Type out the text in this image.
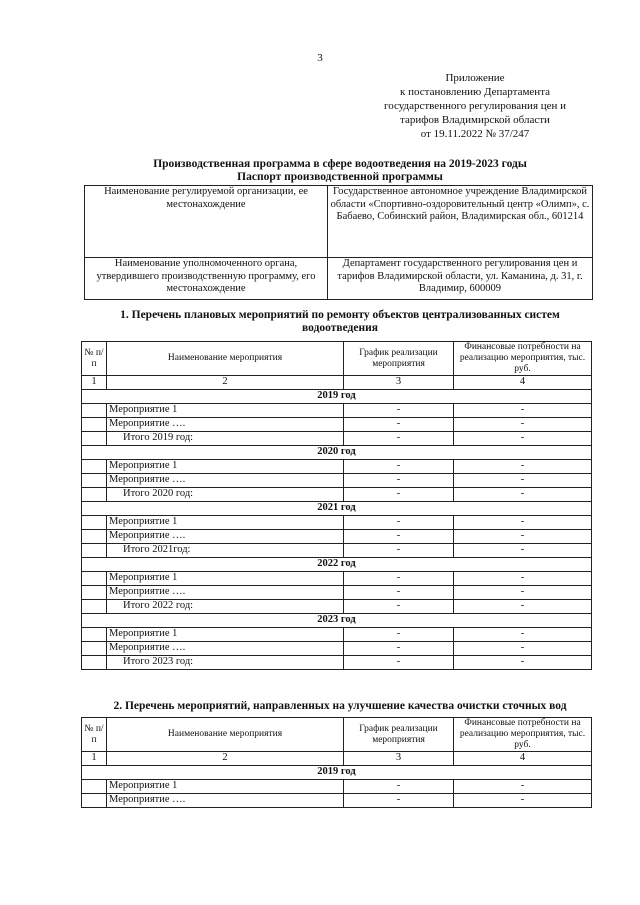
3
Приложение
к постановлению Департамента
государственного регулирования цен и
тарифов Владимирской области
от 19.11.2022 № 37/247
Производственная программа в сфере водоотведения на 2019-2023 годы
Паспорт производственной программы
Наименование регулируемой организации, ее местонахождение	Государственное автономное учреждение Владимирской области «Спортивно-оздоровительный центр «Олимп», с. Бабаево, Собинский район, Владимирская обл., 601214
Наименование уполномоченного органа, утвердившего производственную программу, его местонахождение	Департамент государственного регулирования цен и тарифов Владимирской области, ул. Каманина, д. 31, г. Владимир, 600009
1. Перечень плановых мероприятий по ремонту объектов централизованных систем водоотведения
№ п/п	Наименование мероприятия	График реализации мероприятия	Финансовые потребности на реализацию мероприятия, тыс. руб.
1	2	3	4
2019 год			
	Мероприятие 1	-	-
	Мероприятие ….	-	-
	Итого 2019 год:	-	-
2020 год			
	Мероприятие 1	-	-
	Мероприятие ….	-	-
	Итого 2020 год:	-	-
2021 год			
	Мероприятие 1	-	-
	Мероприятие ….	-	-
	Итого 2021год:	-	-
2022 год			
	Мероприятие 1	-	-
	Мероприятие ….	-	-
	Итого 2022 год:	-	-
2023 год			
	Мероприятие 1	-	-
	Мероприятие ….	-	-
	Итого 2023 год:	-	-
2. Перечень мероприятий, направленных на улучшение качества очистки сточных вод
№ п/п	Наименование мероприятия	График реализации мероприятия	Финансовые потребности на реализацию мероприятия, тыс. руб.
1	2	3	4
2019 год			
	Мероприятие 1	-	-
	Мероприятие ….	-	-
